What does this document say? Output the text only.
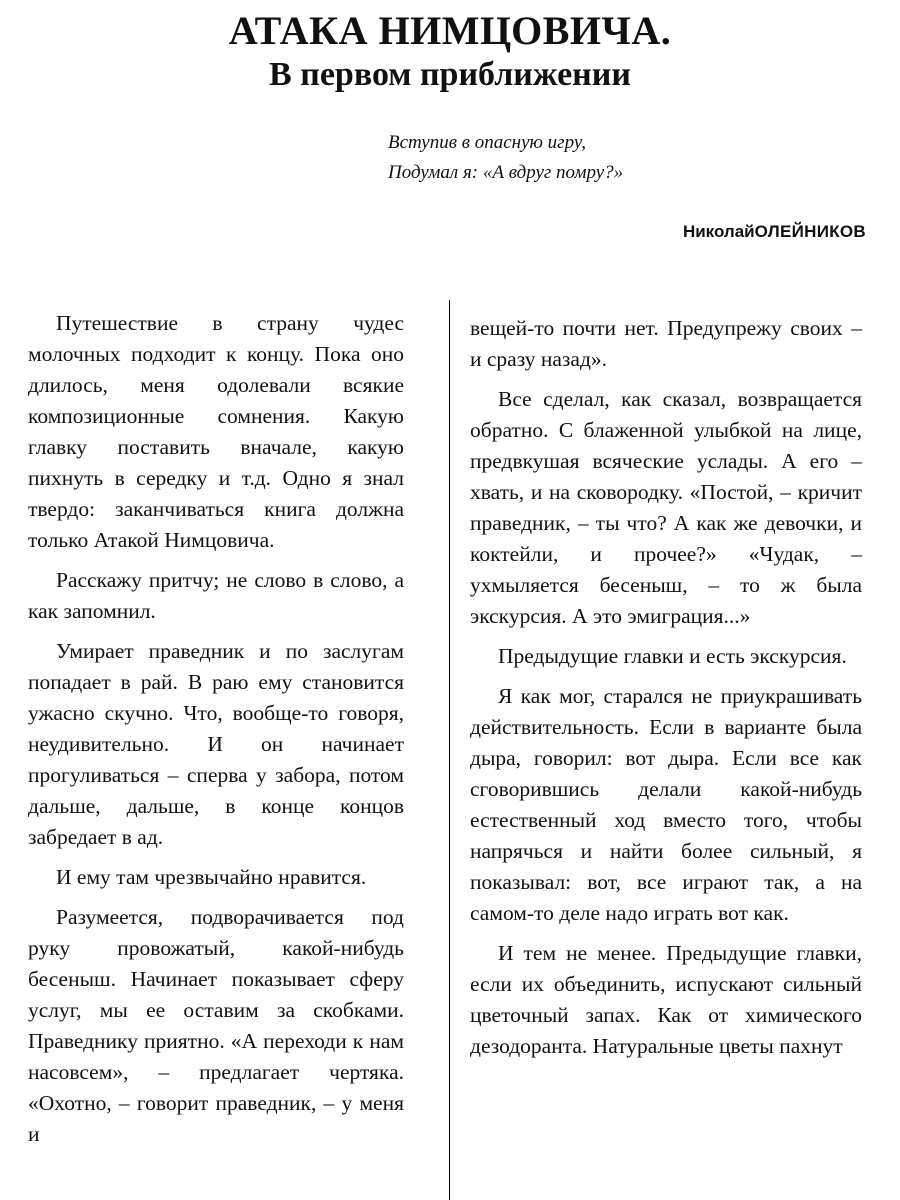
АТАКА НИМЦОВИЧА.

В первом приближении

Вступив в опасную игру,

Подумал я: «А вдруг помру?»

НиколайОЛЕЙНИКОВ

Путешествие в страну чудес молочных подходит к концу. Пока оно длилось, меня одолевали всякие композиционные сомнения. Какую главку поставить вначале, какую пихнуть в середку и т.д. Одно я знал твердо: заканчиваться книга должна только Атакой Нимцовича.

Расскажу притчу; не слово в слово, а как запомнил.

Умирает праведник и по заслугам попадает в рай. В раю ему становится ужасно скучно. Что, вообще-то говоря, неудивительно. И он начинает прогуливаться – сперва у забора, потом дальше, дальше, в конце концов забредает в ад.

И ему там чрезвычайно нравится.

Разумеется, подворачивается под руку провожатый, какой-нибудь бесеныш. Начинает показывает сферу услуг, мы ее оставим за скобками. Праведнику приятно. «А переходи к нам насовсем», – предлагает чертяка. «Охотно, – говорит праведник, – у меня и

вещей-то почти нет. Предупрежу своих – и сразу назад».

Все сделал, как сказал, возвращается обратно. С блаженной улыбкой на лице, предвкушая всяческие услады. А его – хвать, и на сковородку. «Постой, – кричит праведник, – ты что? А как же девочки, и коктейли, и прочее?» «Чудак, – ухмыляется бесеныш, – то ж была экскурсия. А это эмиграция...»

Предыдущие главки и есть экскурсия.

Я как мог, старался не приукрашивать действительность. Если в варианте была дыра, говорил: вот дыра. Если все как сговорившись делали какой-нибудь естественный ход вместо того, чтобы напрячься и найти более сильный, я показывал: вот, все играют так, а на самом-то деле надо играть вот как.

И тем не менее. Предыдущие главки, если их объединить, испускают сильный цветочный запах. Как от химического дезодоранта. Натуральные цветы пахнут
